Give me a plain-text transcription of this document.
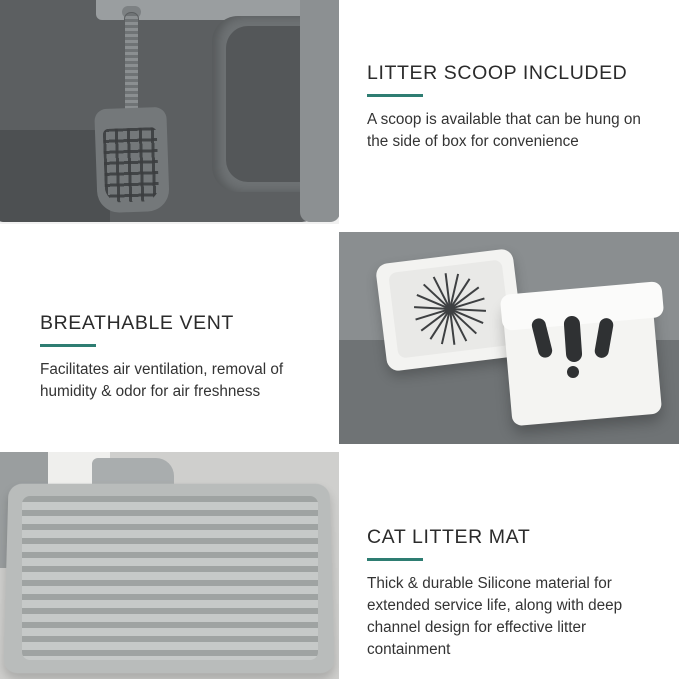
LITTER SCOOP INCLUDED
A scoop is available that can be hung on the side of box for convenience
BREATHABLE VENT
Facilitates air ventilation, removal of humidity & odor for air freshness
CAT LITTER MAT
Thick & durable Silicone material for extended service life, along with deep channel design for effective litter containment
